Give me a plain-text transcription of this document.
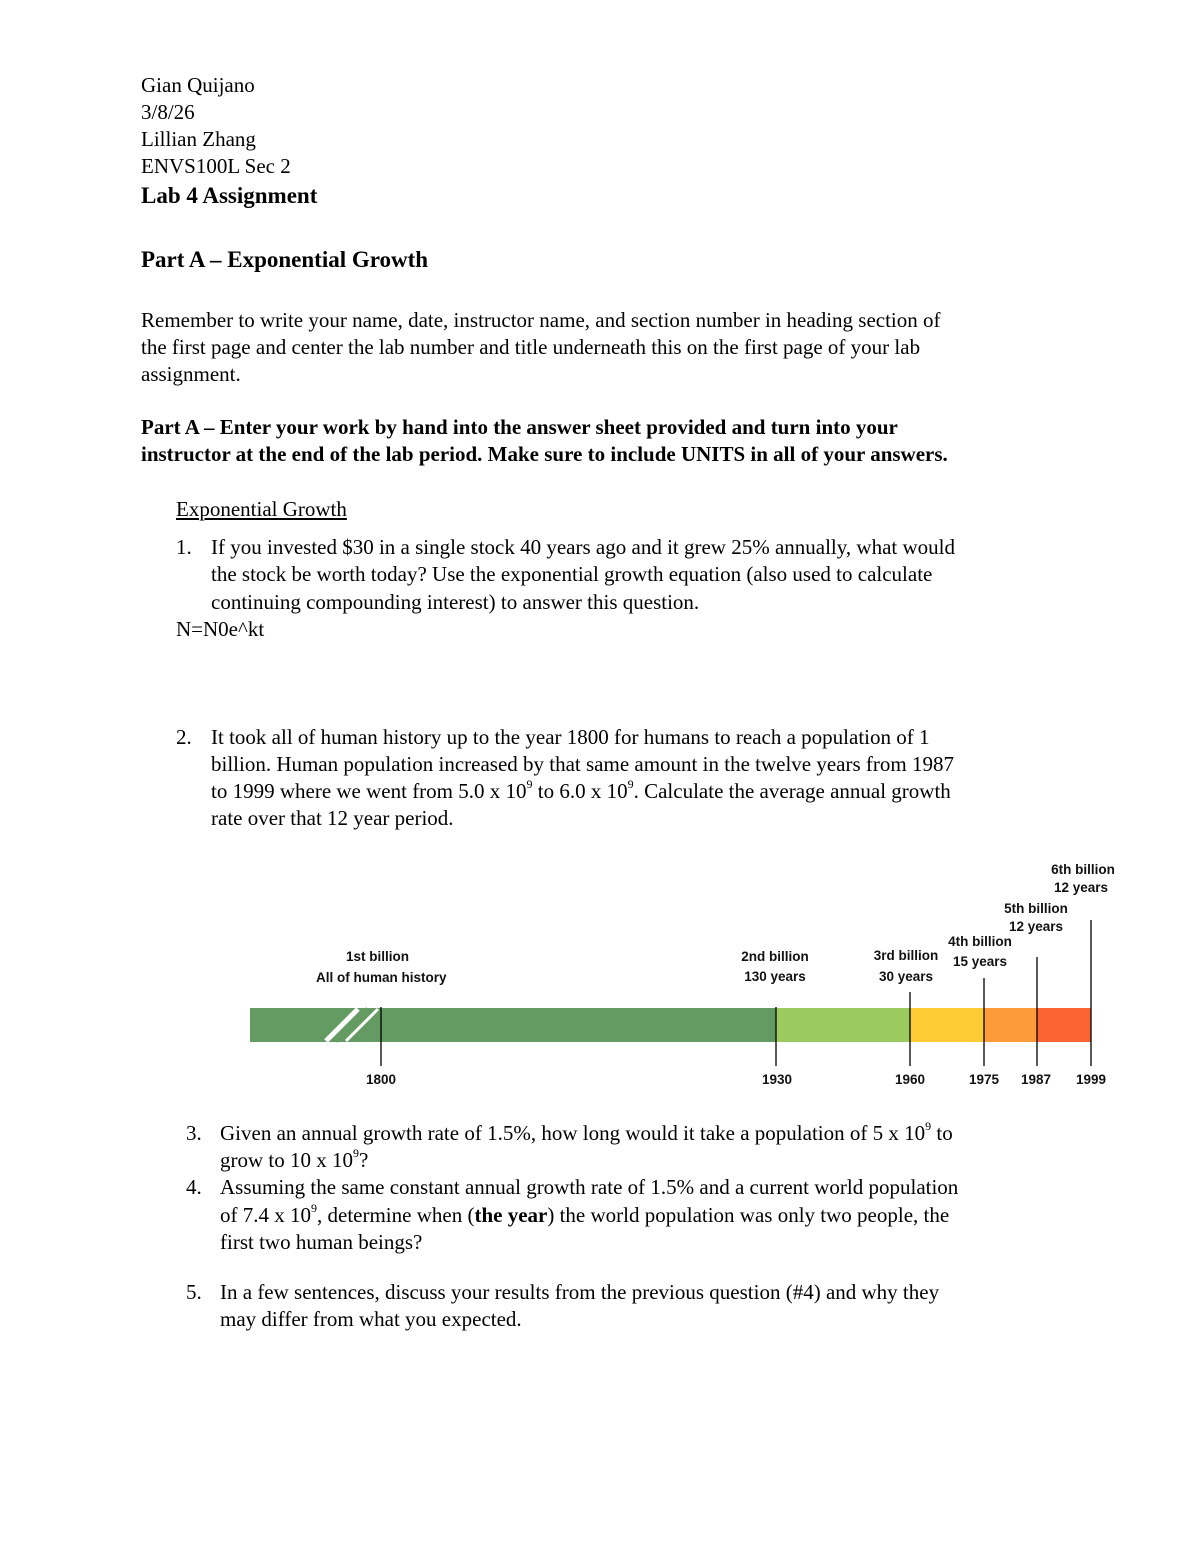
Gian Quijano
3/8/26
Lillian Zhang
ENVS100L Sec 2
Lab 4 Assignment
Part A – Exponential Growth
Remember to write your name, date, instructor name, and section number in heading section of
the first page and center the lab number and title underneath this on the first page of your lab
assignment.
Part A – Enter your work by hand into the answer sheet provided and turn into your
instructor at the end of the lab period. Make sure to include UNITS in all of your answers.
Exponential Growth
1. If you invested $30 in a single stock 40 years ago and it grew 25% annually, what would
the stock be worth today? Use the exponential growth equation (also used to calculate
continuing compounding interest) to answer this question.
N=N0e^kt
2. It took all of human history up to the year 1800 for humans to reach a population of 1
billion. Human population increased by that same amount in the twelve years from 1987
to 1999 where we went from 5.0 x $10^9$ to 6.0 x $10^9$. Calculate the average annual growth
rate over that 12 year period.
1st billion
All of human history
2nd billion
130 years
3rd billion
30 years
4th billion
15 years
5th billion
12 years
6th billion
12 years
1800	1930	1960	1975 1987 1999
3. Given an annual growth rate of 1.5%, how long would it take a population of 5 x $10^9$ to
grow to 10 x $10^9$?
4. Assuming the same constant annual growth rate of 1.5% and a current world population
of 7.4 x $10^9$, determine when (the year) the world population was only two people, the
first two human beings?
5. In a few sentences, discuss your results from the previous question (#4) and why they
may differ from what you expected.
